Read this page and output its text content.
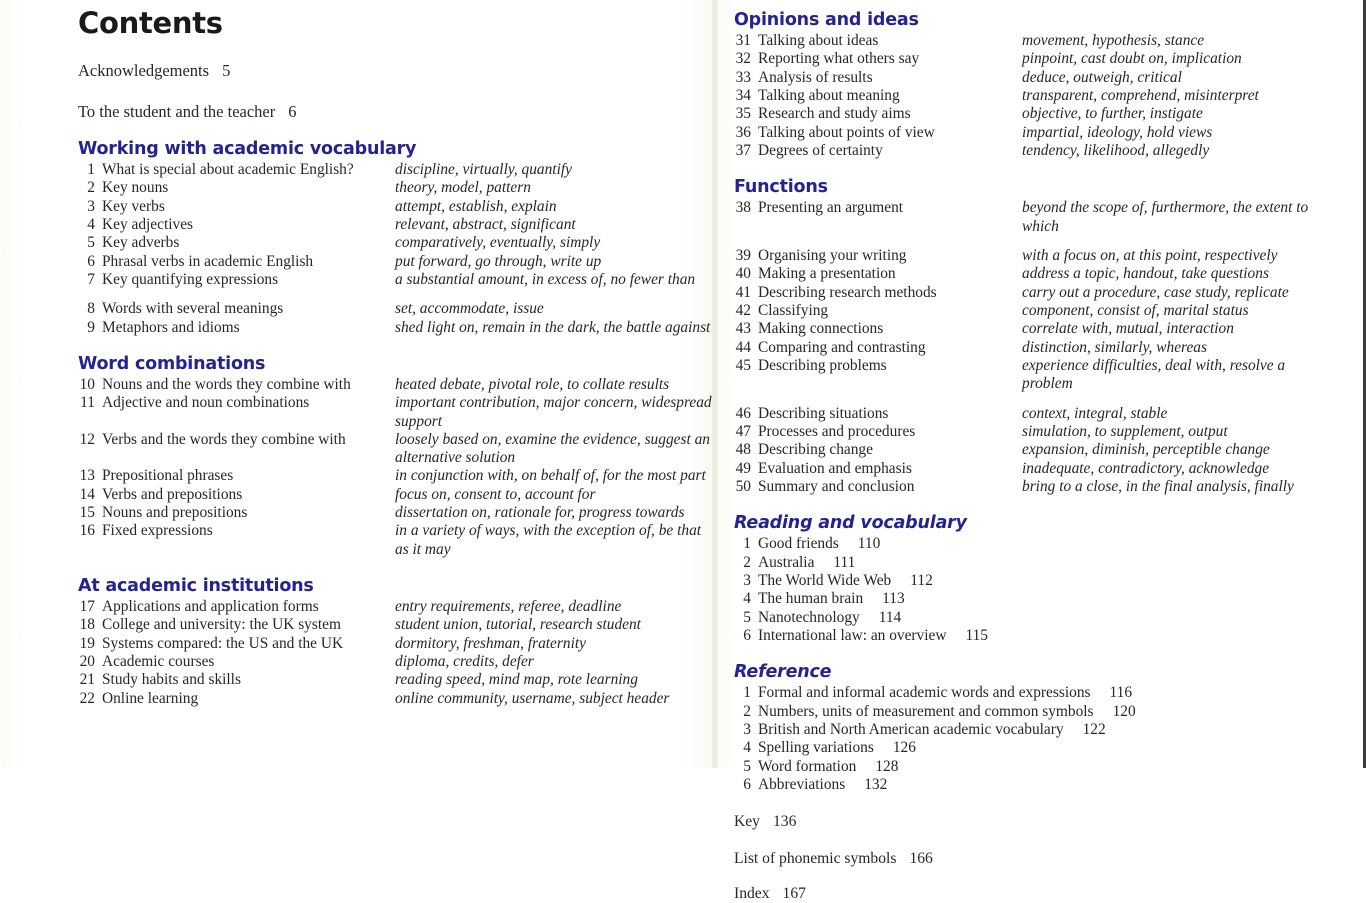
Contents
Acknowledgements 5
To the student and the teacher 6
Working with academic vocabulary
1 What is special about academic English?	discipline, virtually, quantify
2 Key nouns	theory, model, pattern
3 Key verbs	attempt, establish, explain
4 Key adjectives	relevant, abstract, significant
5 Key adverbs	comparatively, eventually, simply
6 Phrasal verbs in academic English	put forward, go through, write up
7 Key quantifying expressions	a substantial amount, in excess of, no fewer than
8 Words with several meanings	set, accommodate, issue
9 Metaphors and idioms	shed light on, remain in the dark, the battle against
Word combinations
10 Nouns and the words they combine with	heated debate, pivotal role, to collate results
11 Adjective and noun combinations	important contribution, major concern, widespread support
12 Verbs and the words they combine with	loosely based on, examine the evidence, suggest an alternative solution
13 Prepositional phrases	in conjunction with, on behalf of, for the most part
14 Verbs and prepositions	focus on, consent to, account for
15 Nouns and prepositions	dissertation on, rationale for, progress towards
16 Fixed expressions	in a variety of ways, with the exception of, be that as it may
At academic institutions
17 Applications and application forms	entry requirements, referee, deadline
18 College and university: the UK system	student union, tutorial, research student
19 Systems compared: the US and the UK	dormitory, freshman, fraternity
20 Academic courses	diploma, credits, defer
21 Study habits and skills	reading speed, mind map, rote learning
22 Online learning	online community, username, subject header
Opinions and ideas
31 Talking about ideas	movement, hypothesis, stance
32 Reporting what others say	pinpoint, cast doubt on, implication
33 Analysis of results	deduce, outweigh, critical
34 Talking about meaning	transparent, comprehend, misinterpret
35 Research and study aims	objective, to further, instigate
36 Talking about points of view	impartial, ideology, hold views
37 Degrees of certainty	tendency, likelihood, allegedly
Functions
38 Presenting an argument	beyond the scope of, furthermore, the extent to which
39 Organising your writing	with a focus on, at this point, respectively
40 Making a presentation	address a topic, handout, take questions
41 Describing research methods	carry out a procedure, case study, replicate
42 Classifying	component, consist of, marital status
43 Making connections	correlate with, mutual, interaction
44 Comparing and contrasting	distinction, similarly, whereas
45 Describing problems	experience difficulties, deal with, resolve a problem
46 Describing situations	context, integral, stable
47 Processes and procedures	simulation, to supplement, output
48 Describing change	expansion, diminish, perceptible change
49 Evaluation and emphasis	inadequate, contradictory, acknowledge
50 Summary and conclusion	bring to a close, in the final analysis, finally
Reading and vocabulary
1 Good friends	110
2 Australia	111
3 The World Wide Web	112
4 The human brain	113
5 Nanotechnology	114
6 International law: an overview	115
Reference
1 Formal and informal academic words and expressions	116
2 Numbers, units of measurement and common symbols	120
3 British and North American academic vocabulary	122
4 Spelling variations	126
5 Word formation	128
6 Abbreviations	132
Key 136
List of phonemic symbols 166
Index 167
